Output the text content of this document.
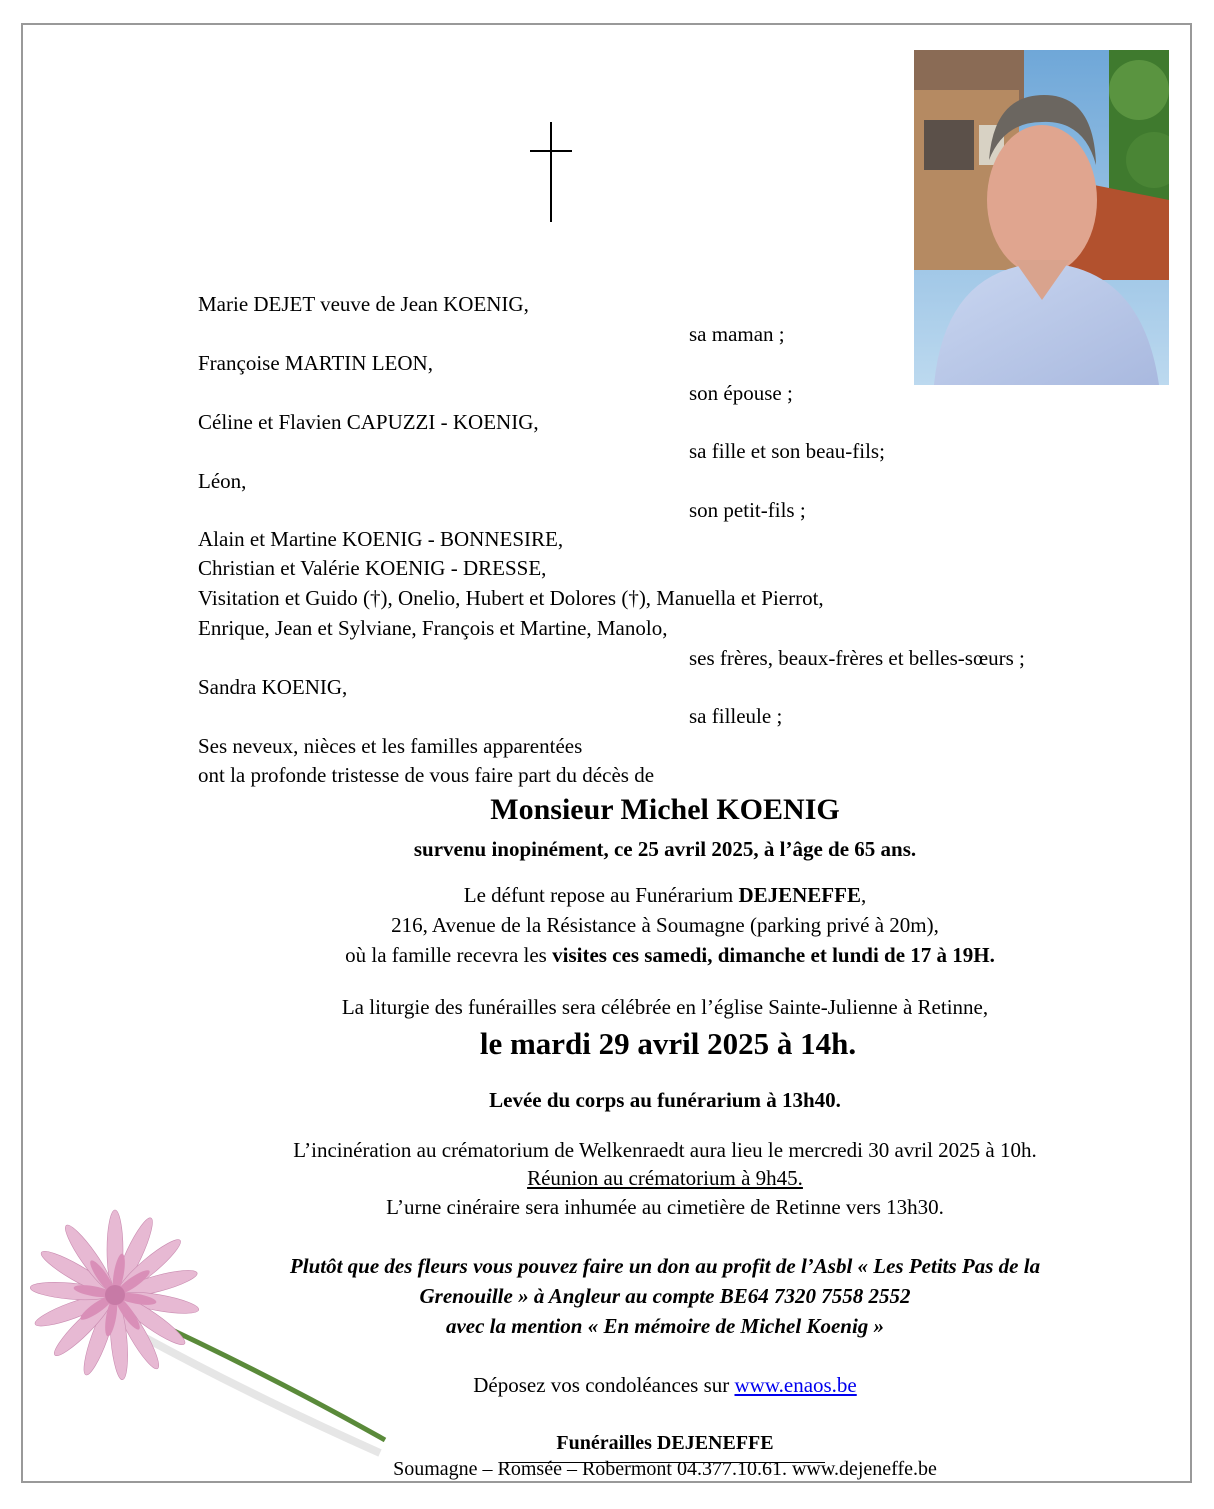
Marie DEJET veuve de Jean KOENIG,
sa maman ;
Françoise MARTIN LEON,
son épouse ;
Céline et Flavien CAPUZZI - KOENIG,
sa fille et son beau-fils;
Léon,
son petit-fils ;
Alain et Martine KOENIG - BONNESIRE,
Christian et Valérie KOENIG - DRESSE,
Visitation et Guido (†), Onelio, Hubert et Dolores (†), Manuella et Pierrot,
Enrique, Jean et Sylviane, François et Martine, Manolo,
ses frères, beaux-frères et belles-sœurs ;
Sandra KOENIG,
sa filleule ;
Ses neveux, nièces et les familles apparentées
ont la profonde tristesse de vous faire part du décès de
Monsieur Michel KOENIG
survenu inopinément, ce 25 avril 2025, à l’âge de 65 ans.
Le défunt repose au Funérarium DEJENEFFE,
216, Avenue de la Résistance à Soumagne (parking privé à 20m),
où la famille recevra les visites ces samedi, dimanche et lundi de 17 à 19H.
La liturgie des funérailles sera célébrée en l’église Sainte-Julienne à Retinne,
le mardi 29 avril 2025 à 14h.
Levée du corps au funérarium à 13h40.
L’incinération au crématorium de Welkenraedt aura lieu le mercredi 30 avril 2025 à 10h.
Réunion au crématorium à 9h45.
L’urne cinéraire sera inhumée au cimetière de Retinne vers 13h30.
Plutôt que des fleurs vous pouvez faire un don au profit de l’Asbl « Les Petits Pas de la
Grenouille » à Angleur au compte BE64 7320 7558 2552
avec la mention « En mémoire de Michel Koenig »
Déposez vos condoléances sur www.enaos.be
Funérailles DEJENEFFE
Soumagne – Romsée – Robermont 04.377.10.61. www.dejeneffe.be
